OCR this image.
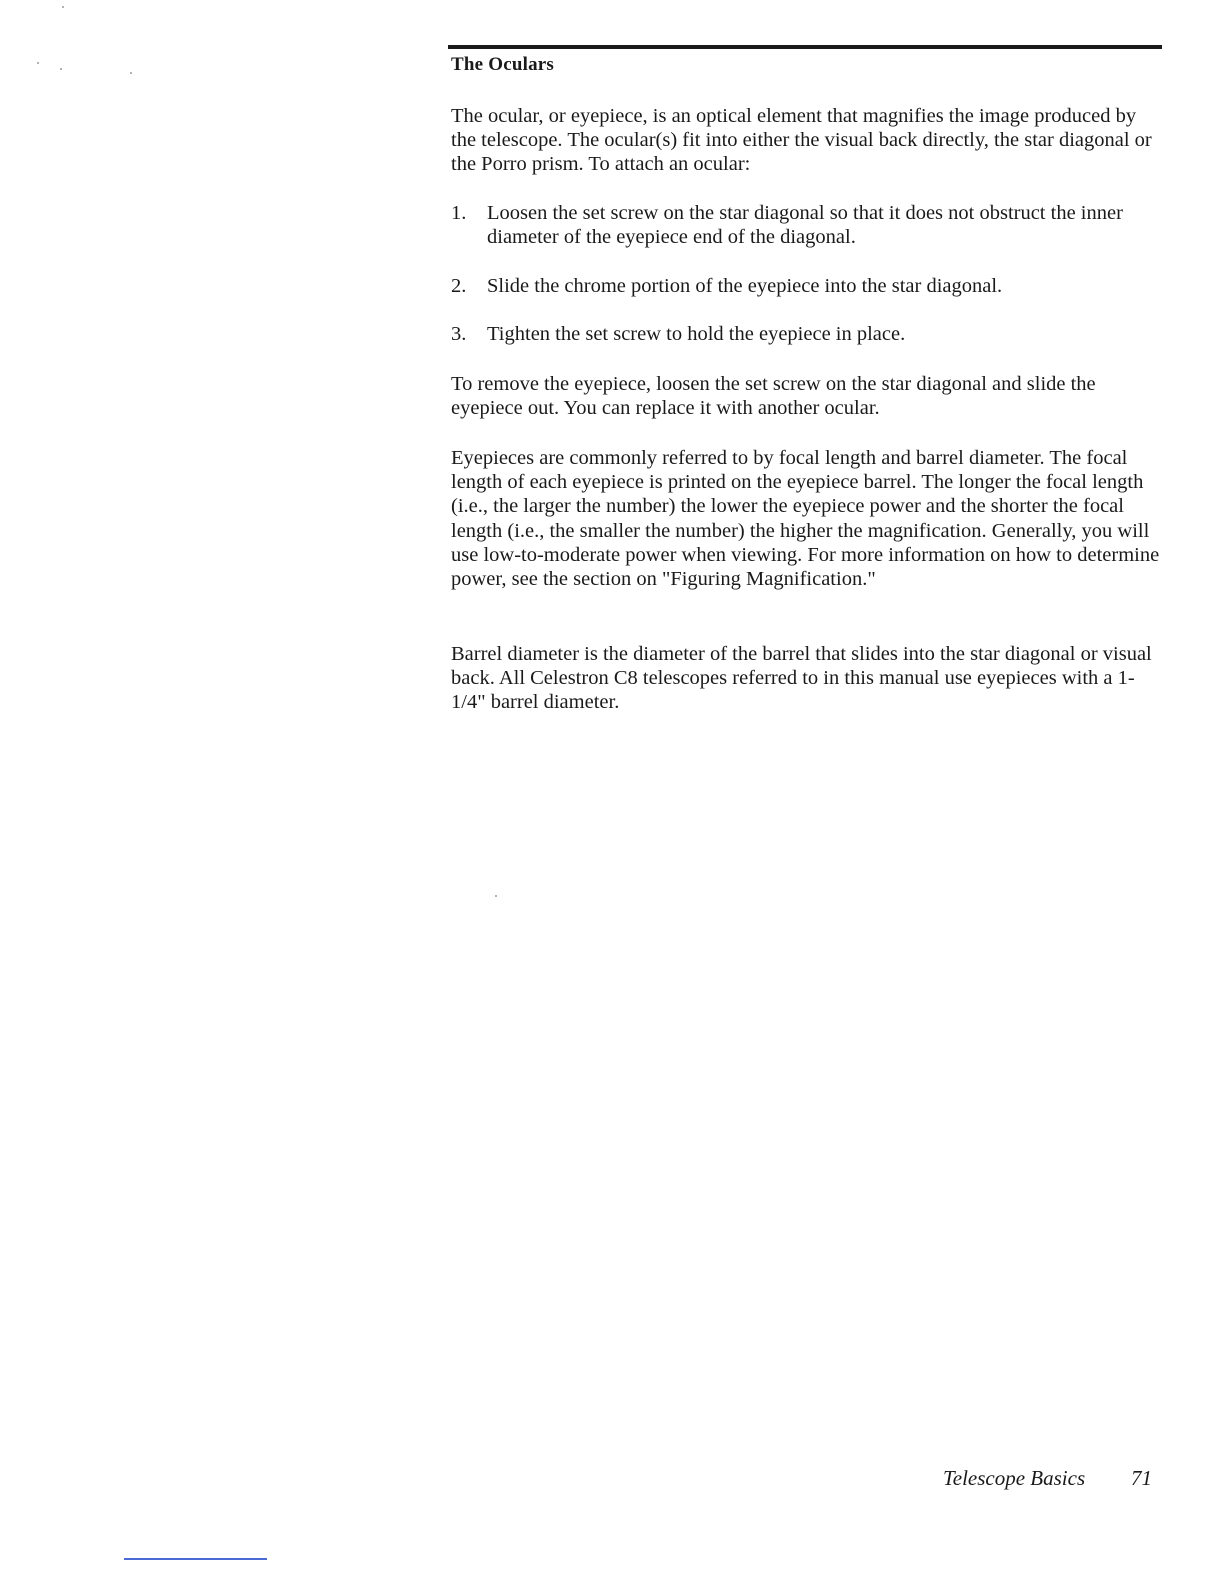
The Oculars
The ocular, or eyepiece, is an optical element that magnifies the image produced by the telescope. The ocular(s) fit into either the visual back directly, the star diagonal or the Porro prism. To attach an ocular:
1.	Loosen the set screw on the star diagonal so that it does not obstruct the inner diameter of the eyepiece end of the diagonal.
2.	Slide the chrome portion of the eyepiece into the star diagonal.
3.	Tighten the set screw to hold the eyepiece in place.
To remove the eyepiece, loosen the set screw on the star diagonal and slide the eyepiece out. You can replace it with another ocular.
Eyepieces are commonly referred to by focal length and barrel diameter. The focal length of each eyepiece is printed on the eyepiece barrel. The longer the focal length (i.e., the larger the number) the lower the eyepiece power and the shorter the focal length (i.e., the smaller the number) the higher the magnification. Generally, you will use low-to-moderate power when viewing. For more information on how to determine power, see the section on "Figuring Magnification."
Barrel diameter is the diameter of the barrel that slides into the star diagonal or visual back. All Celestron C8 telescopes referred to in this manual use eyepieces with a 1-1/4" barrel diameter.
Telescope Basics 71
